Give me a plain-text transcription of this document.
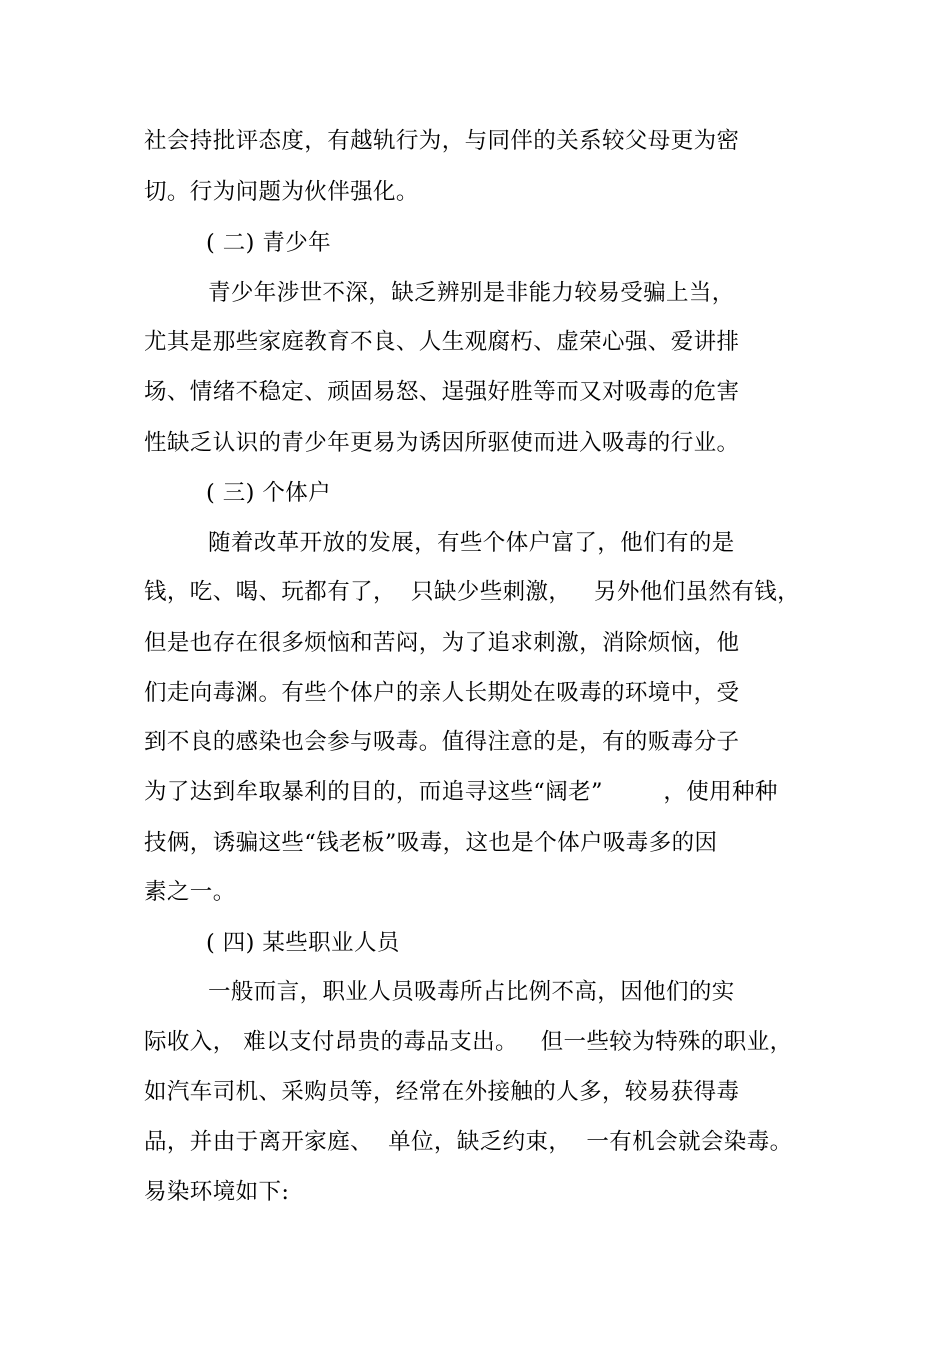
社会持批评态度，有越轨行为，与同伴的关系较父母更为密
切。行为问题为伙伴强化。
( 二) 青少年
青少年涉世不深，缺乏辨别是非能力较易受骗上当，
尤其是那些家庭教育不良、人生观腐朽、虚荣心强、爱讲排
场、情绪不稳定、顽固易怒、逞强好胜等而又对吸毒的危害
性缺乏认识的青少年更易为诱因所驱使而进入吸毒的行业。
( 三) 个体户
随着改革开放的发展，有些个体户富了，他们有的是
钱，吃、喝、玩都有了，  只缺少些刺激，   另外他们虽然有钱，
但是也存在很多烦恼和苦闷，为了追求刺激，消除烦恼，他
们走向毒渊。有些个体户的亲人长期处在吸毒的环境中，受
到不良的感染也会参与吸毒。值得注意的是，有的贩毒分子
为了达到牟取暴利的目的，而追寻这些“阔老”        ，使用种种
技俩，诱骗这些“钱老板”吸毒，这也是个体户吸毒多的因
素之一。
( 四) 某些职业人员
一般而言，职业人员吸毒所占比例不高，因他们的实
际收入， 难以支付昂贵的毒品支出。   但一些较为特殊的职业，
如汽车司机、采购员等，经常在外接触的人多，较易获得毒
品，并由于离开家庭、  单位，缺乏约束，  一有机会就会染毒。
易染环境如下:
